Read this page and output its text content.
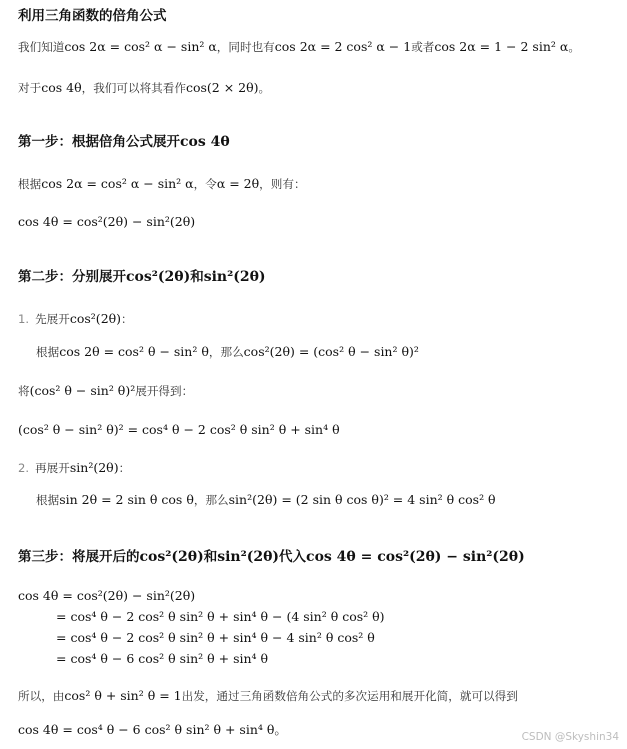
利用三角函数的倍角公式
我们知道cos 2α = cos² α − sin² α，同时也有cos 2α = 2 cos² α − 1或者cos 2α = 1 − 2 sin² α。
对于cos 4θ，我们可以将其看作cos(2 × 2θ)。
第一步：根据倍角公式展开cos 4θ
根据cos 2α = cos² α − sin² α，令α = 2θ，则有：
cos 4θ = cos²(2θ) − sin²(2θ)
第二步：分别展开cos²(2θ)和sin²(2θ)
1. 先展开cos²(2θ)：
根据cos 2θ = cos² θ − sin² θ，那么cos²(2θ) = (cos² θ − sin² θ)²
将(cos² θ − sin² θ)²展开得到：
(cos² θ − sin² θ)² = cos⁴ θ − 2 cos² θ sin² θ + sin⁴ θ
2. 再展开sin²(2θ)：
根据sin 2θ = 2 sin θ cos θ，那么sin²(2θ) = (2 sin θ cos θ)² = 4 sin² θ cos² θ
第三步：将展开后的cos²(2θ)和sin²(2θ)代入cos 4θ = cos²(2θ) − sin²(2θ)
cos 4θ = cos²(2θ) − sin²(2θ)
= cos⁴ θ − 2 cos² θ sin² θ + sin⁴ θ − (4 sin² θ cos² θ)
= cos⁴ θ − 2 cos² θ sin² θ + sin⁴ θ − 4 sin² θ cos² θ
= cos⁴ θ − 6 cos² θ sin² θ + sin⁴ θ
所以，由cos² θ + sin² θ = 1出发，通过三角函数倍角公式的多次运用和展开化简，就可以得到
cos 4θ = cos⁴ θ − 6 cos² θ sin² θ + sin⁴ θ。	CSDN @Skyshin34
